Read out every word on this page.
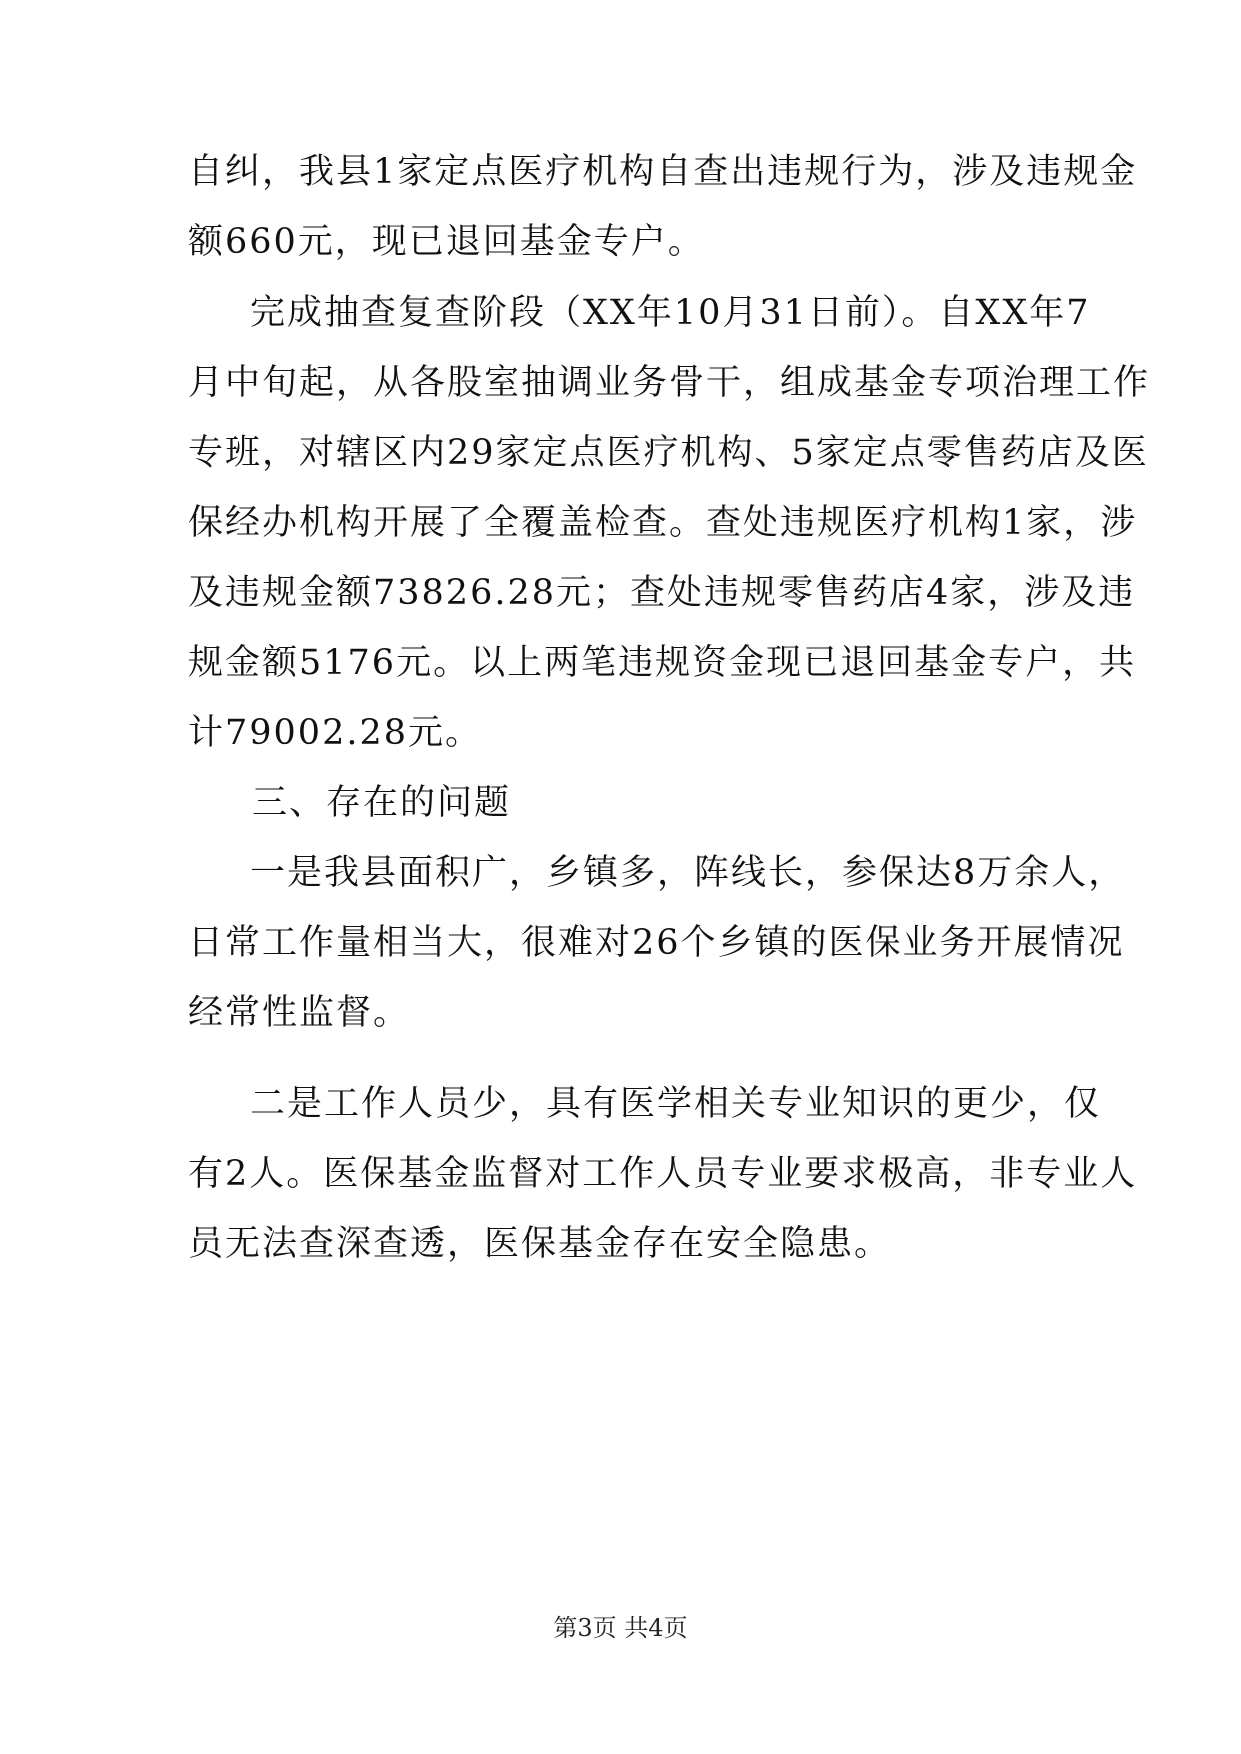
自纠，我县1家定点医疗机构自查出违规行为，涉及违规金
额660元，现已退回基金专户。
完成抽查复查阶段（XX年10月31日前）。自XX年7
月中旬起，从各股室抽调业务骨干，组成基金专项治理工作
专班，对辖区内29家定点医疗机构、5家定点零售药店及医
保经办机构开展了全覆盖检查。查处违规医疗机构1家，涉
及违规金额73826.28元；查处违规零售药店4家，涉及违
规金额5176元。以上两笔违规资金现已退回基金专户，共
计79002.28元。
三、存在的问题
一是我县面积广，乡镇多，阵线长，参保达8万余人，
日常工作量相当大，很难对26个乡镇的医保业务开展情况
经常性监督。
二是工作人员少，具有医学相关专业知识的更少，仅
有2人。医保基金监督对工作人员专业要求极高，非专业人
员无法查深查透，医保基金存在安全隐患。
第3页 共4页
